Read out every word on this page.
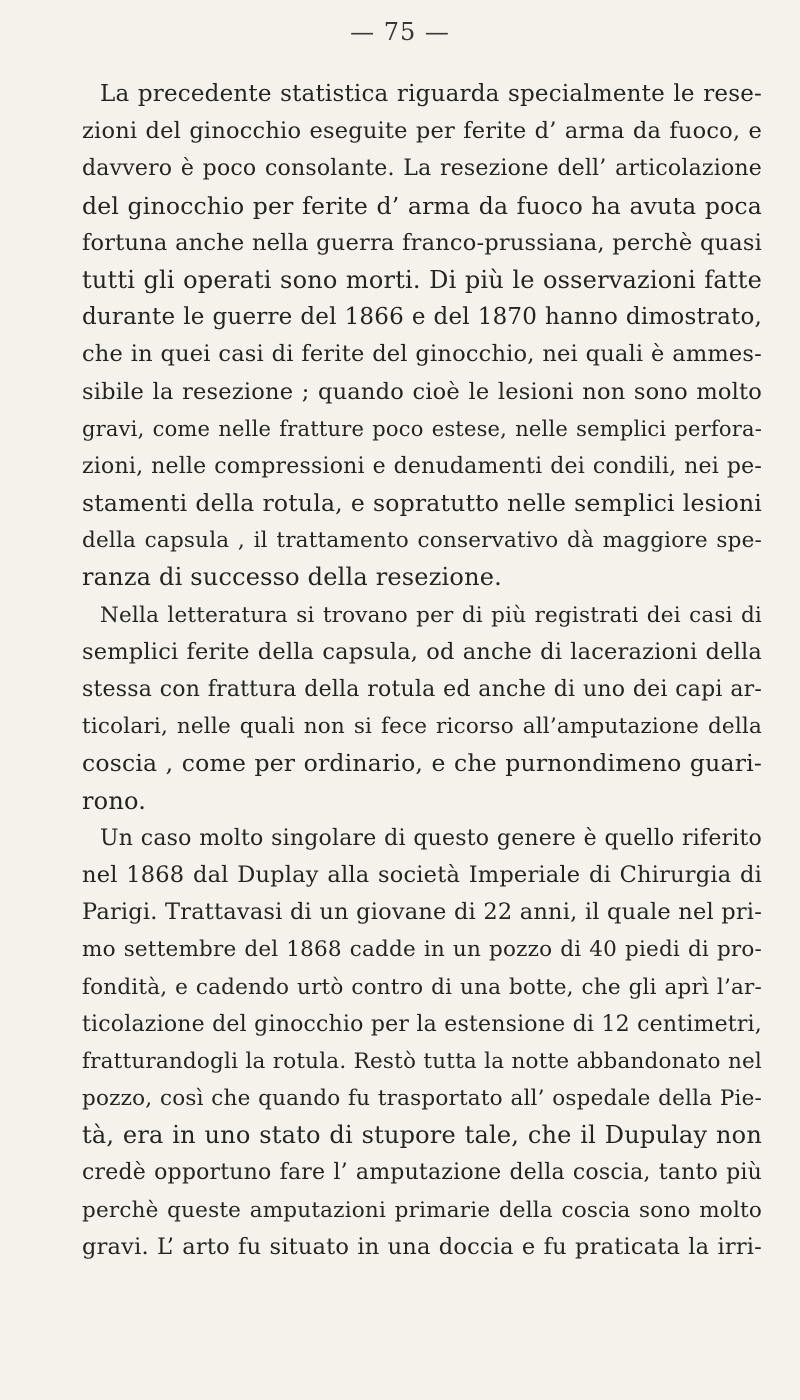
— 75 —
La precedente statistica riguarda specialmente le rese-
zioni del ginocchio eseguite per ferite d’ arma da fuoco, e
davvero è poco consolante. La resezione dell’ articolazione
del ginocchio per ferite d’ arma da fuoco ha avuta poca
fortuna anche nella guerra franco-prussiana, perchè quasi
tutti gli operati sono morti. Di più le osservazioni fatte
durante le guerre del 1866 e del 1870 hanno dimostrato,
che in quei casi di ferite del ginocchio, nei quali è ammes-
sibile la resezione ; quando cioè le lesioni non sono molto
gravi, come nelle fratture poco estese, nelle semplici perfora-
zioni, nelle compressioni e denudamenti dei condili, nei pe-
stamenti della rotula, e sopratutto nelle semplici lesioni
della capsula , il trattamento conservativo dà maggiore spe-
ranza di successo della resezione.
Nella letteratura si trovano per di più registrati dei casi di
semplici ferite della capsula, od anche di lacerazioni della
stessa con frattura della rotula ed anche di uno dei capi ar-
ticolari, nelle quali non si fece ricorso all’amputazione della
coscia , come per ordinario, e che purnondimeno guari-
rono.
Un caso molto singolare di questo genere è quello riferito
nel 1868 dal Duplay alla società Imperiale di Chirurgia di
Parigi. Trattavasi di un giovane di 22 anni, il quale nel pri-
mo settembre del 1868 cadde in un pozzo di 40 piedi di pro-
fondità, e cadendo urtò contro di una botte, che gli aprì l’ar-
ticolazione del ginocchio per la estensione di 12 centimetri,
fratturandogli la rotula. Restò tutta la notte abbandonato nel
pozzo, così che quando fu trasportato all’ ospedale della Pie-
tà, era in uno stato di stupore tale, che il Dupulay non
credè opportuno fare l’ amputazione della coscia, tanto più
perchè queste amputazioni primarie della coscia sono molto
gravi. L’ arto fu situato in una doccia e fu praticata la irri-
